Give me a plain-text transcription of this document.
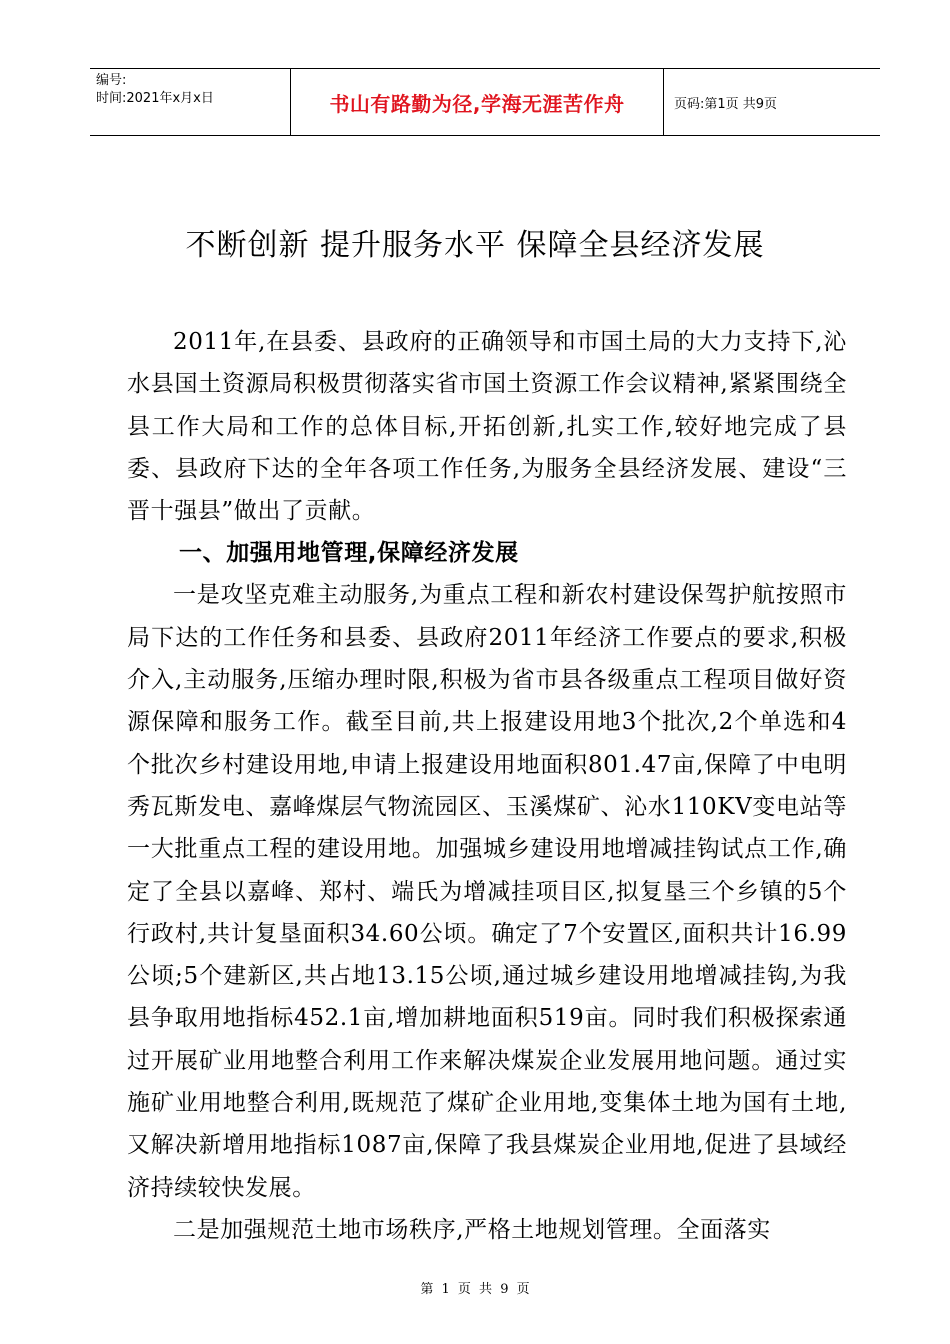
编号:
时间:2021年x月x日	书山有路勤为径,学海无涯苦作舟	页码:第1页 共9页
不断创新 提升服务水平 保障全县经济发展

2011年,在县委、县政府的正确领导和市国土局的大力支持下,沁水县国土资源局积极贯彻落实省市国土资源工作会议精神,紧紧围绕全县工作大局和工作的总体目标,开拓创新,扎实工作,较好地完成了县委、县政府下达的全年各项工作任务,为服务全县经济发展、建设“三晋十强县”做出了贡献。

一、加强用地管理,保障经济发展

一是攻坚克难主动服务,为重点工程和新农村建设保驾护航按照市局下达的工作任务和县委、县政府2011年经济工作要点的要求,积极介入,主动服务,压缩办理时限,积极为省市县各级重点工程项目做好资源保障和服务工作。截至目前,共上报建设用地3个批次,2个单选和4个批次乡村建设用地,申请上报建设用地面积801.47亩,保障了中电明秀瓦斯发电、嘉峰煤层气物流园区、玉溪煤矿、沁水110KV变电站等一大批重点工程的建设用地。加强城乡建设用地增减挂钩试点工作,确定了全县以嘉峰、郑村、端氏为增减挂项目区,拟复垦三个乡镇的5个行政村,共计复垦面积34.60公顷。确定了7个安置区,面积共计16.99公顷;5个建新区,共占地13.15公顷,通过城乡建设用地增减挂钩,为我县争取用地指标452.1亩,增加耕地面积519亩。同时我们积极探索通过开展矿业用地整合利用工作来解决煤炭企业发展用地问题。通过实施矿业用地整合利用,既规范了煤矿企业用地,变集体土地为国有土地,又解决新增用地指标1087亩,保障了我县煤炭企业用地,促进了县域经济持续较快发展。

二是加强规范土地市场秩序,严格土地规划管理。全面落实

第 1 页 共 9 页
